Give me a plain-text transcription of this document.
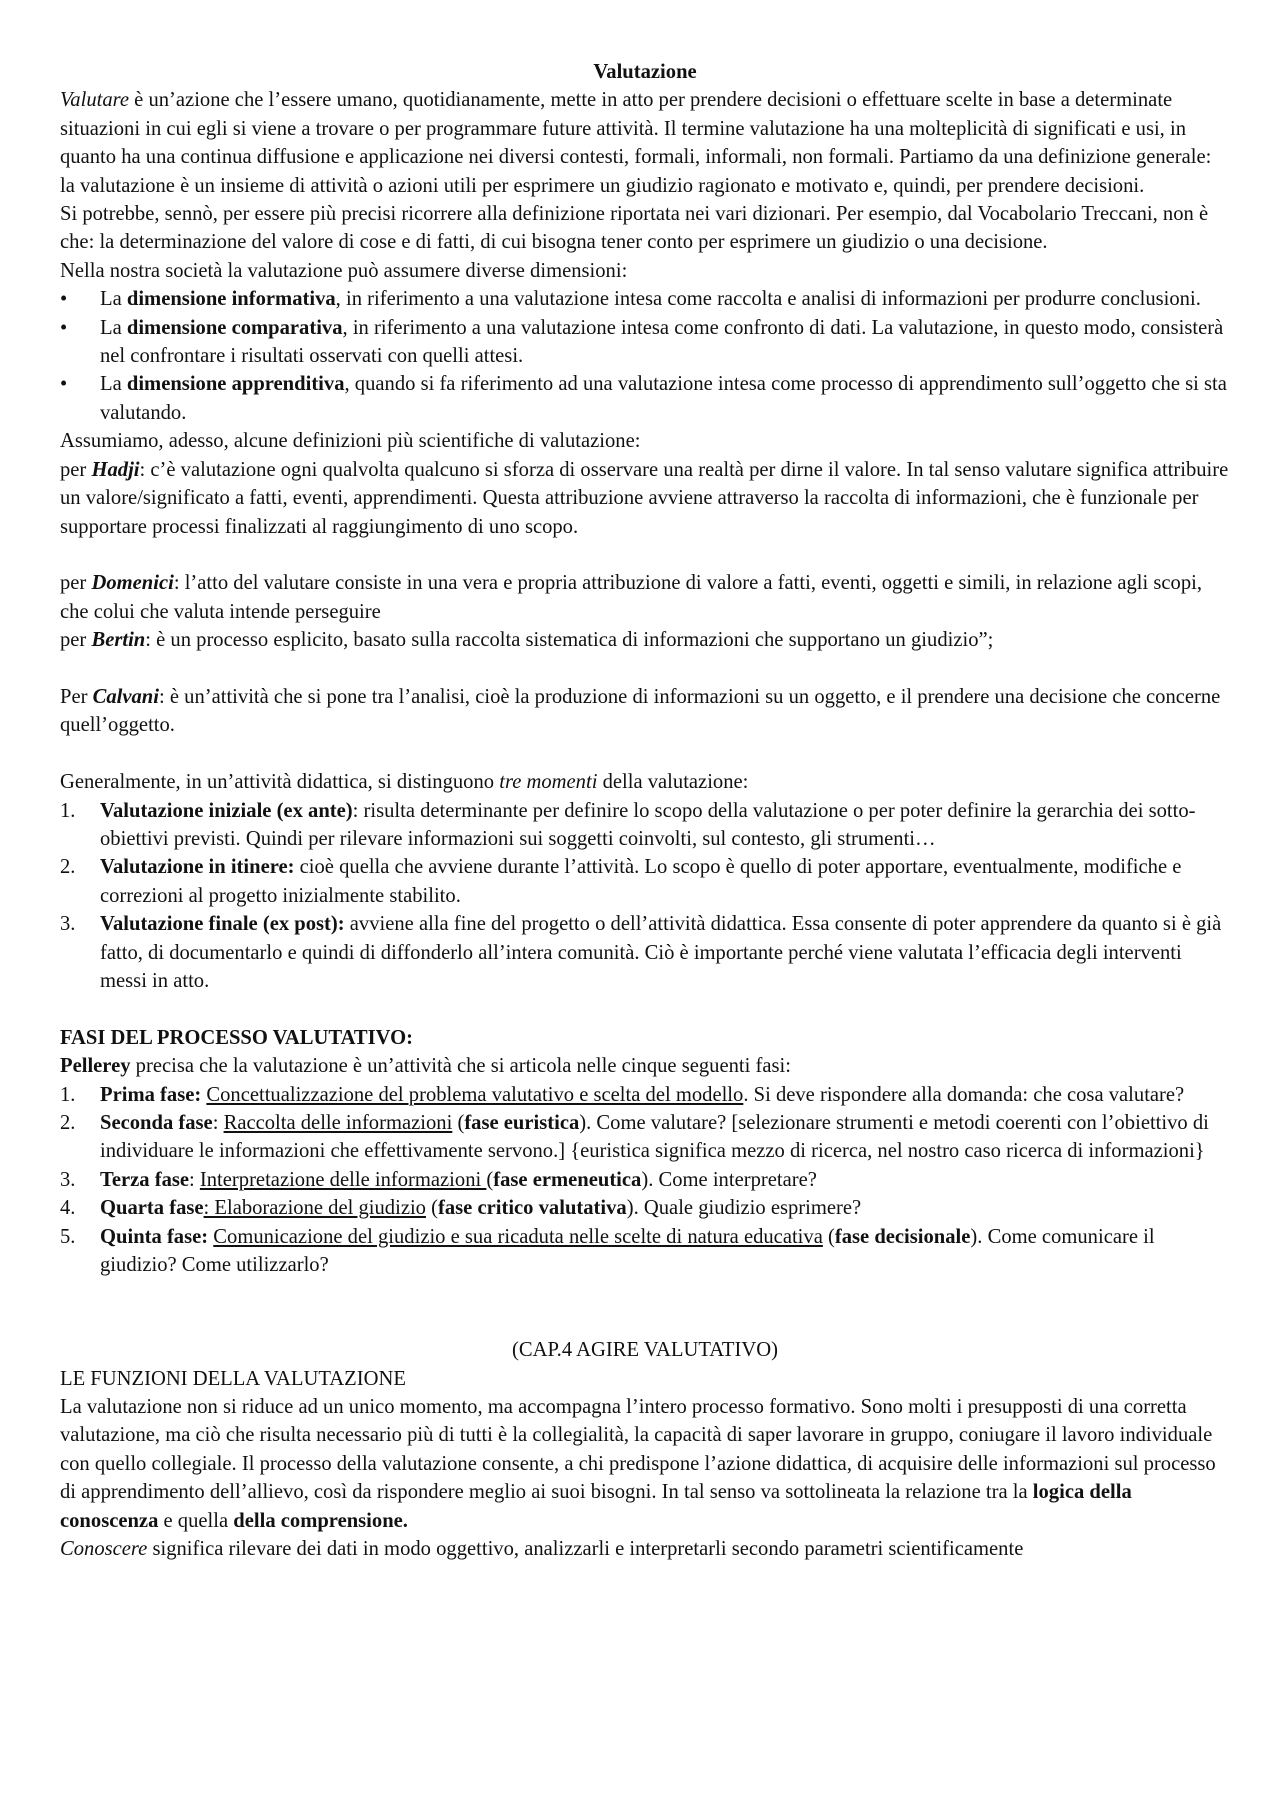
Valutazione

Valutare è un’azione che l’essere umano, quotidianamente, mette in atto per prendere decisioni o effettuare scelte in base a determinate situazioni in cui egli si viene a trovare o per programmare future attività. Il termine valutazione ha una molteplicità di significati e usi, in quanto ha una continua diffusione e applicazione nei diversi contesti, formali, informali, non formali. Partiamo da una definizione generale: la valutazione è un insieme di attività o azioni utili per esprimere un giudizio ragionato e motivato e, quindi, per prendere decisioni.

Si potrebbe, sennò, per essere più precisi ricorrere alla definizione riportata nei vari dizionari. Per esempio, dal Vocabolario Treccani, non è che: la determinazione del valore di cose e di fatti, di cui bisogna tener conto per esprimere un giudizio o una decisione.

Nella nostra società la valutazione può assumere diverse dimensioni:

•	La dimensione informativa, in riferimento a una valutazione intesa come raccolta e analisi di informazioni per produrre conclusioni.
•	La dimensione comparativa, in riferimento a una valutazione intesa come confronto di dati. La valutazione, in questo modo, consisterà nel confrontare i risultati osservati con quelli attesi.
•	La dimensione apprenditiva, quando si fa riferimento ad una valutazione intesa come processo di apprendimento sull’oggetto che si sta valutando.

Assumiamo, adesso, alcune definizioni più scientifiche di valutazione:

per Hadji: c’è valutazione ogni qualvolta qualcuno si sforza di osservare una realtà per dirne il valore. In tal senso valutare significa attribuire un valore/significato a fatti, eventi, apprendimenti. Questa attribuzione avviene attraverso la raccolta di informazioni, che è funzionale per supportare processi finalizzati al raggiungimento di uno scopo.

per Domenici: l’atto del valutare consiste in una vera e propria attribuzione di valore a fatti, eventi, oggetti e simili, in relazione agli scopi, che colui che valuta intende perseguire

per Bertin: è un processo esplicito, basato sulla raccolta sistematica di informazioni che supportano un giudizio”;

Per Calvani: è un’attività che si pone tra l’analisi, cioè la produzione di informazioni su un oggetto, e il prendere una decisione che concerne quell’oggetto.

Generalmente, in un’attività didattica, si distinguono tre momenti della valutazione:

1.	Valutazione iniziale (ex ante): risulta determinante per definire lo scopo della valutazione o per poter definire la gerarchia dei sotto-obiettivi previsti. Quindi per rilevare informazioni sui soggetti coinvolti, sul contesto, gli strumenti…
2.	Valutazione in itinere: cioè quella che avviene durante l’attività. Lo scopo è quello di poter apportare, eventualmente, modifiche e correzioni al progetto inizialmente stabilito.
3.	Valutazione finale (ex post): avviene alla fine del progetto o dell’attività didattica. Essa consente di poter apprendere da quanto si è già fatto, di documentarlo e quindi di diffonderlo all’intera comunità. Ciò è importante perché viene valutata l’efficacia degli interventi messi in atto.

FASI DEL PROCESSO VALUTATIVO:

Pellerey precisa che la valutazione è un’attività che si articola nelle cinque seguenti fasi:

1.	Prima fase: Concettualizzazione del problema valutativo e scelta del modello. Si deve rispondere alla domanda: che cosa valutare?
2.	Seconda fase: Raccolta delle informazioni (fase euristica). Come valutare? [selezionare strumenti e metodi coerenti con l’obiettivo di individuare le informazioni che effettivamente servono.] {euristica significa mezzo di ricerca, nel nostro caso ricerca di informazioni}
3.	Terza fase: Interpretazione delle informazioni (fase ermeneutica). Come interpretare?
4.	Quarta fase: Elaborazione del giudizio (fase critico valutativa). Quale giudizio esprimere?
5.	Quinta fase: Comunicazione del giudizio e sua ricaduta nelle scelte di natura educativa (fase decisionale). Come comunicare il giudizio? Come utilizzarlo?

(CAP.4 AGIRE VALUTATIVO)

LE FUNZIONI DELLA VALUTAZIONE

La valutazione non si riduce ad un unico momento, ma accompagna l’intero processo formativo. Sono molti i presupposti di una corretta valutazione, ma ciò che risulta necessario più di tutti è la collegialità, la capacità di saper lavorare in gruppo, coniugare il lavoro individuale con quello collegiale. Il processo della valutazione consente, a chi predispone l’azione didattica, di acquisire delle informazioni sul processo di apprendimento dell’allievo, così da rispondere meglio ai suoi bisogni. In tal senso va sottolineata la relazione tra la logica della conoscenza e quella della comprensione.
Conoscere significa rilevare dei dati in modo oggettivo, analizzarli e interpretarli secondo parametri scientificamente
